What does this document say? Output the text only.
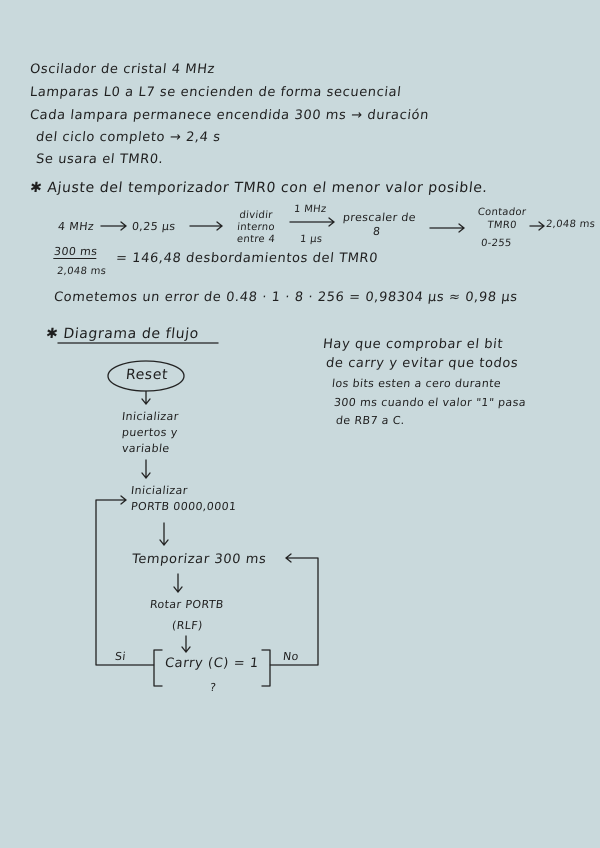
Oscilador de cristal 4 MHz
Lamparas L0 a L7 se encienden de forma secuencial
Cada lampara permanece encendida 300 ms → duración
del ciclo completo → 2,4 s
Se usara el TMR0.
✱ Ajuste del temporizador TMR0 con el menor valor posible.
4 MHz	0,25 µs
dividir
interno
entre 4
1 MHz
1 µs
prescaler de
8
Contador
TMR0
0-255
2,048 ms
300 ms
2,048 ms
= 146,48 desbordamientos del TMR0
Cometemos un error de 0.48 · 1 · 8 · 256 = 0,98304 µs ≈ 0,98 µs
✱ Diagrama de flujo
Reset
Inicializar
puertos y
variable
Inicializar
PORTB 0000,0001
Temporizar 300 ms
Rotar PORTB
(RLF)
Carry (C) = 1
?
Si	No
Hay que comprobar el bit
de carry y evitar que todos
los bits esten a cero durante
300 ms cuando el valor "1" pasa
de RB7 a C.
